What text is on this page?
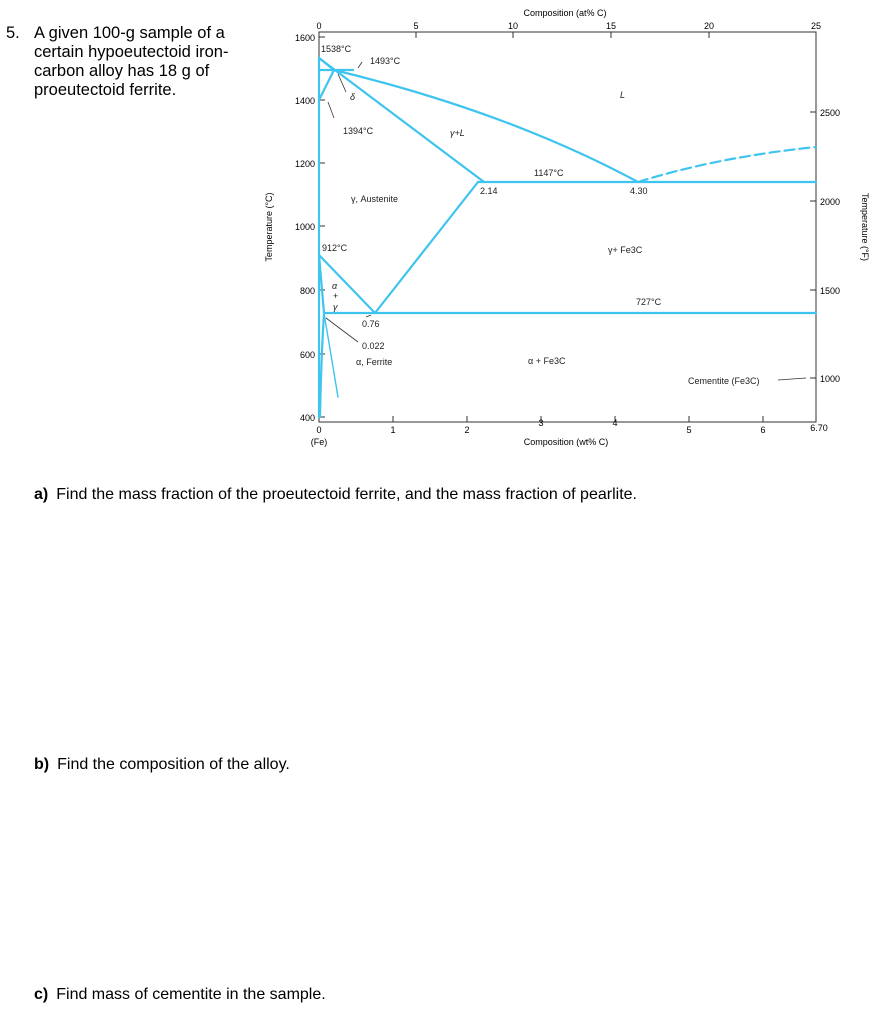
5. A given 100-g sample of a certain hypoeutectoid iron-carbon alloy has 18 g of proeutectoid ferrite.
Composition (at% C)
0	5	10	15	20	25
1600
1400
1200
1000
800
600
400
Temperature (°C)
2500
2000
1500
1000
Temperature (°F)
0	1	2
3	4
5	6	6.70
(Fe)	Composition (wt% C)
1538°C
1493°C
δ
1394°C	γ+L
L
1147°C
2.14	4.30
γ, Austenite
912°C	γ+ Fe3C
α
+
γ	727°C
0.76
0.022
α, Ferrite	α + Fe3C
Cementite (Fe3C)
a) Find the mass fraction of the proeutectoid ferrite, and the mass fraction of pearlite.
b) Find the composition of the alloy.
c) Find mass of cementite in the sample.
